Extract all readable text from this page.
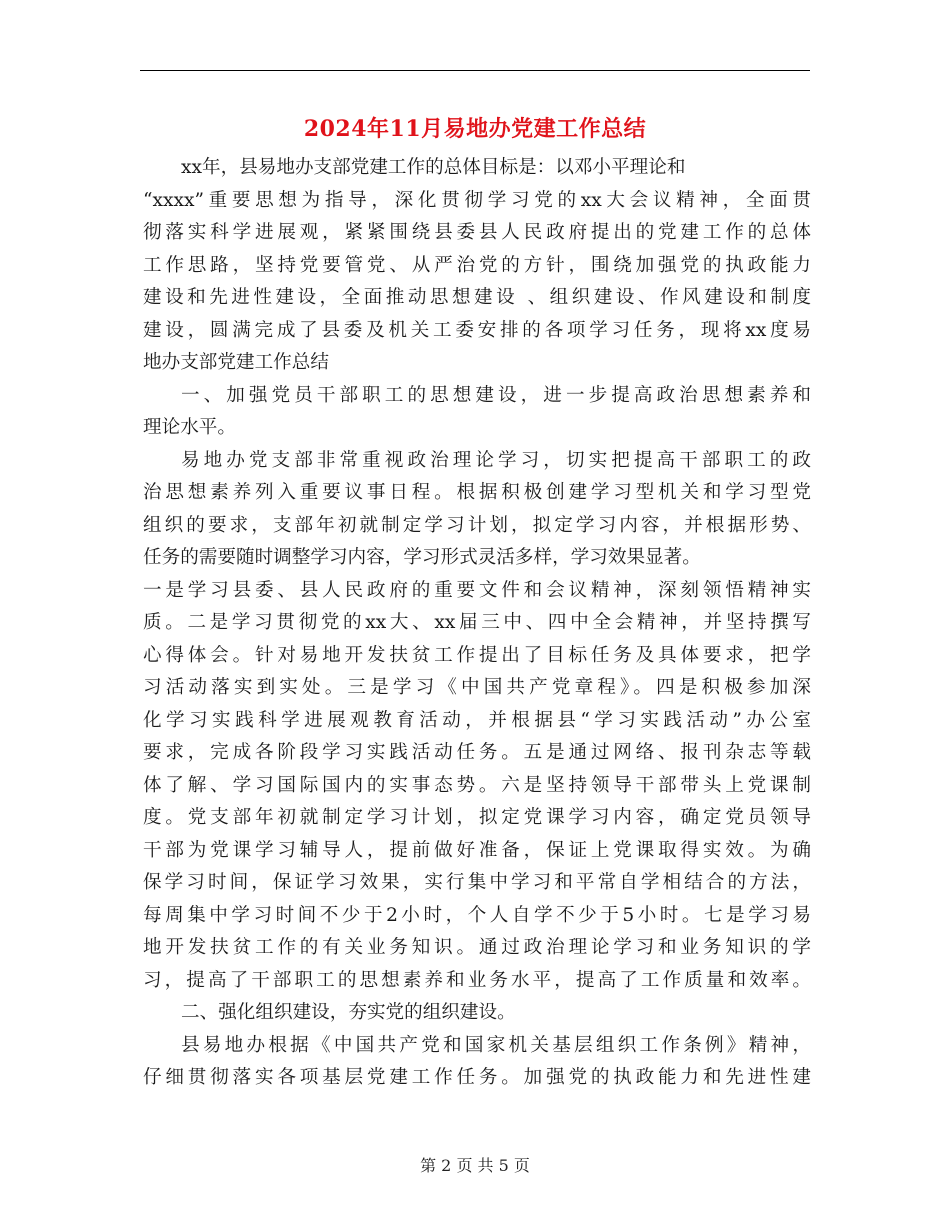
2024年11月易地办党建工作总结
xx年，县易地办支部党建工作的总体目标是：以邓小平理论和
“xxxx”重要思想为指导，深化贯彻学习党的xx大会议精神，全面贯
彻落实科学进展观，紧紧围绕县委县人民政府提出的党建工作的总体
工作思路，坚持党要管党、从严治党的方针，围绕加强党的执政能力
建设和先进性建设，全面推动思想建设 、组织建设、作风建设和制度
建设，圆满完成了县委及机关工委安排的各项学习任务，现将xx度易
地办支部党建工作总结
一、加强党员干部职工的思想建设，进一步提高政治思想素养和
理论水平。
易地办党支部非常重视政治理论学习，切实把提高干部职工的政
治思想素养列入重要议事日程。根据积极创建学习型机关和学习型党
组织的要求，支部年初就制定学习计划，拟定学习内容，并根据形势、
任务的需要随时调整学习内容，学习形式灵活多样，学习效果显著。
一是学习县委、县人民政府的重要文件和会议精神，深刻领悟精神实
质。二是学习贯彻党的xx大、xx届三中、四中全会精神，并坚持撰写
心得体会。针对易地开发扶贫工作提出了目标任务及具体要求，把学
习活动落实到实处。三是学习《中国共产党章程》。四是积极参加深
化学习实践科学进展观教育活动，并根据县“学习实践活动”办公室
要求，完成各阶段学习实践活动任务。五是通过网络、报刊杂志等载
体了解、学习国际国内的实事态势。六是坚持领导干部带头上党课制
度。党支部年初就制定学习计划，拟定党课学习内容，确定党员领导
干部为党课学习辅导人，提前做好准备，保证上党课取得实效。为确
保学习时间，保证学习效果，实行集中学习和平常自学相结合的方法，
每周集中学习时间不少于2小时，个人自学不少于5小时。七是学习易
地开发扶贫工作的有关业务知识。通过政治理论学习和业务知识的学
习，提高了干部职工的思想素养和业务水平，提高了工作质量和效率。
二、强化组织建设，夯实党的组织建设。
县易地办根据《中国共产党和国家机关基层组织工作条例》精神，
仔细贯彻落实各项基层党建工作任务。加强党的执政能力和先进性建
第 2 页 共 5 页
